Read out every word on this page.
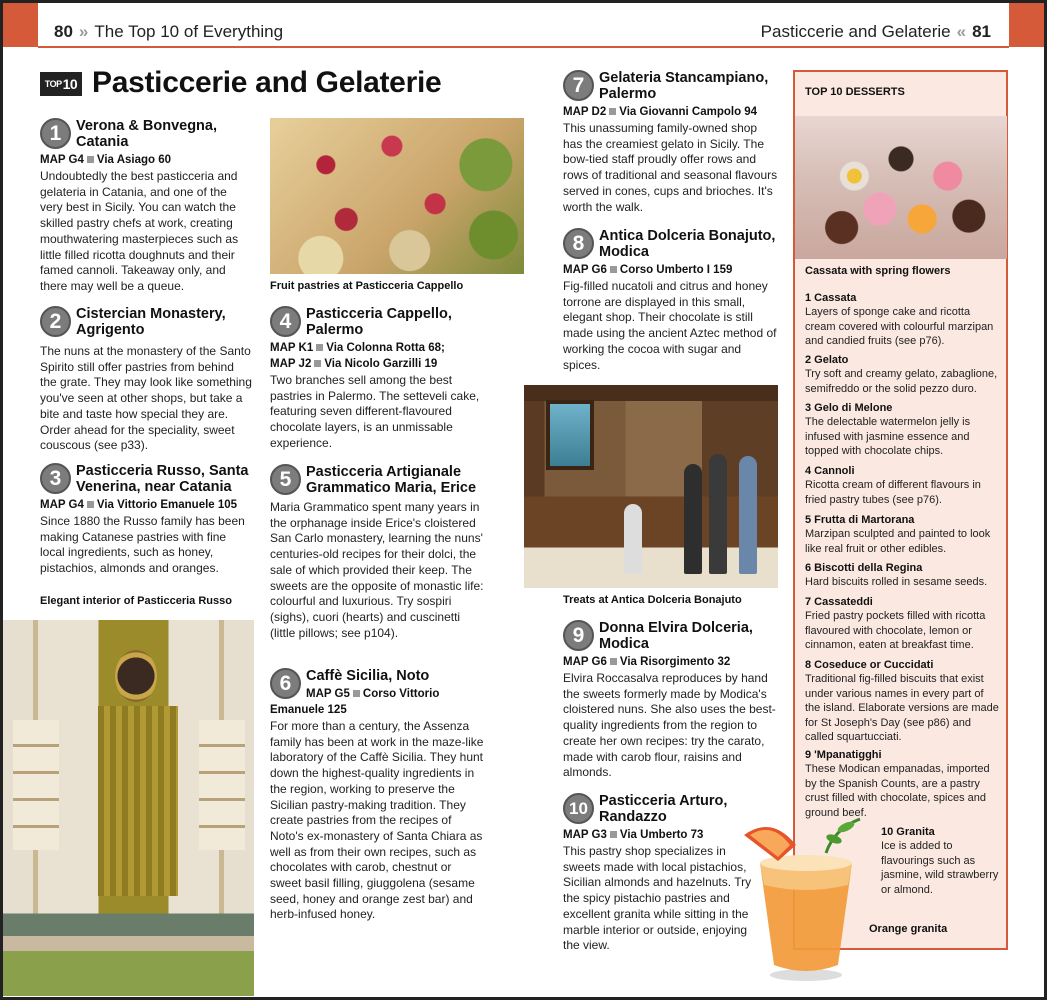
80 » The Top 10 of Everything	Pasticcerie and Gelaterie « 81
TOP 10 Pasticcerie and Gelaterie
1	Verona & Bonvegna, Catania
MAP G4 Via Asiago 60
Undoubtedly the best pasticceria and gelateria in Catania, and one of the very best in Sicily. You can watch the skilled pastry chefs at work, creating mouthwatering masterpieces such as little filled ricotta doughnuts and their famed cannoli. Takeaway only, and there may well be a queue.
2	Cistercian Monastery, Agrigento
The nuns at the monastery of the Santo Spirito still offer pastries from behind the grate. They may look like something you've seen at other shops, but take a bite and taste how special they are. Order ahead for the speciality, sweet couscous (see p33).
3	Pasticceria Russo, Santa Venerina, near Catania
MAP G4 Via Vittorio Emanuele 105
Since 1880 the Russo family has been making Catanese pastries with fine local ingredients, such as honey, pistachios, almonds and oranges.
Elegant interior of Pasticceria Russo
Fruit pastries at Pasticceria Cappello
4	Pasticceria Cappello, Palermo
MAP K1 Via Colonna Rotta 68;
MAP J2 Via Nicolo Garzilli 19
Two branches sell among the best pastries in Palermo. The setteveli cake, featuring seven different-flavoured chocolate layers, is an unmissable experience.
5	Pasticceria Artigianale Grammatico Maria, Erice
Maria Grammatico spent many years in the orphanage inside Erice's cloistered San Carlo monastery, learning the nuns' centuries-old recipes for their dolci, the sale of which provided their keep. The sweets are the opposite of monastic life: colourful and luxurious. Try sospiri (sighs), cuori (hearts) and cuscinetti (little pillows; see p104).
6	Caffè Sicilia, Noto
MAP G5 Corso Vittorio
Emanuele 125
For more than a century, the Assenza family has been at work in the maze-like laboratory of the Caffè Sicilia. They hunt down the highest-quality ingredients in the region, working to preserve the Sicilian pastry-making tradition. They create pastries from the recipes of Noto's ex-monastery of Santa Chiara as well as from their own recipes, such as chocolates with carob, chestnut or sweet basil filling, giuggolena (sesame seed, honey and orange zest bar) and herb-infused honey.
7	Gelateria Stancampiano, Palermo
MAP D2 Via Giovanni Campolo 94
This unassuming family-owned shop has the creamiest gelato in Sicily. The bow-tied staff proudly offer rows and rows of traditional and seasonal flavours served in cones, cups and brioches. It's worth the walk.
8	Antica Dolceria Bonajuto, Modica
MAP G6 Corso Umberto I 159
Fig-filled nucatoli and citrus and honey torrone are displayed in this small, elegant shop. Their chocolate is still made using the ancient Aztec method of working the cocoa with sugar and spices.
Treats at Antica Dolceria Bonajuto
9	Donna Elvira Dolceria, Modica
MAP G6 Via Risorgimento 32
Elvira Roccasalva reproduces by hand the sweets formerly made by Modica's cloistered nuns. She also uses the best-quality ingredients from the region to create her own recipes: try the carato, made with carob flour, raisins and almonds.
10 Pasticceria Arturo, Randazzo
MAP G3 Via Umberto 73
This pastry shop specializes in sweets made with local pistachios, Sicilian almonds and hazelnuts. Try the spicy pistachio pastries and excellent granita while sitting in the marble interior or outside, enjoying the view.
TOP 10 DESSERTS
Cassata with spring flowers
1 Cassata
Layers of sponge cake and ricotta cream covered with colourful marzipan and candied fruits (see p76).
2 Gelato
Try soft and creamy gelato, zabaglione, semifreddo or the solid pezzo duro.
3 Gelo di Melone
The delectable watermelon jelly is infused with jasmine essence and topped with chocolate chips.
4 Cannoli
Ricotta cream of different flavours in fried pastry tubes (see p76).
5 Frutta di Martorana
Marzipan sculpted and painted to look like real fruit or other edibles.
6 Biscotti della Regina
Hard biscuits rolled in sesame seeds.
7 Cassateddi
Fried pastry pockets filled with ricotta flavoured with chocolate, lemon or cinnamon, eaten at breakfast time.
8 Coseduce or Cuccidati
Traditional fig-filled biscuits that exist under various names in every part of the island. Elaborate versions are made for St Joseph's Day (see p86) and called squartucciati.
9 'Mpanatigghi
These Modican empanadas, imported by the Spanish Counts, are a pastry crust filled with chocolate, spices and ground beef.
10 Granita
Ice is added to flavourings such as jasmine, wild strawberry or almond.
Orange granita
